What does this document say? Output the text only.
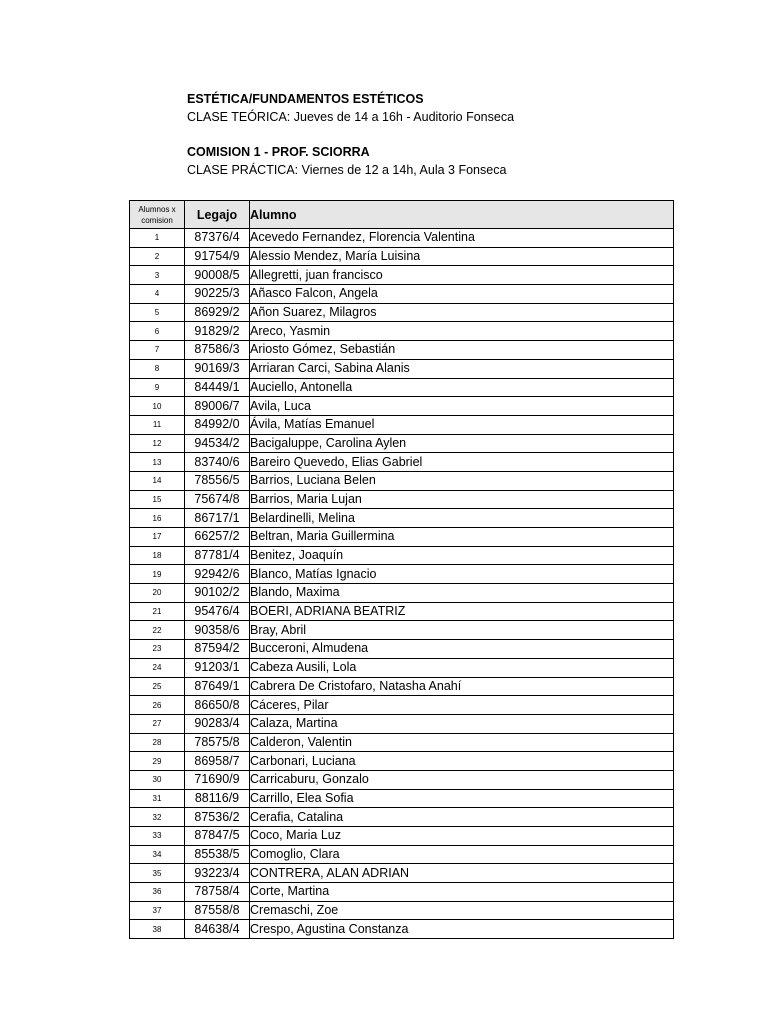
ESTÉTICA/FUNDAMENTOS ESTÉTICOS
CLASE TEÓRICA: Jueves de 14 a 16h - Auditorio Fonseca
COMISION 1 - PROF. SCIORRA
CLASE PRÁCTICA: Viernes de 12 a 14h, Aula 3 Fonseca
Alumnos x comision	Legajo	Alumno
1	87376/4	Acevedo Fernandez, Florencia Valentina
2	91754/9	Alessio Mendez, María Luisina
3	90008/5	Allegretti, juan francisco
4	90225/3	Añasco Falcon, Angela
5	86929/2	Añon Suarez, Milagros
6	91829/2	Areco, Yasmin
7	87586/3	Ariosto Gómez, Sebastián
8	90169/3	Arriaran Carci, Sabina Alanis
9	84449/1	Auciello, Antonella
10	89006/7	Avila, Luca
11	84992/0	Ávila, Matías Emanuel
12	94534/2	Bacigaluppe, Carolina Aylen
13	83740/6	Bareiro Quevedo, Elias Gabriel
14	78556/5	Barrios, Luciana Belen
15	75674/8	Barrios, Maria Lujan
16	86717/1	Belardinelli, Melina
17	66257/2	Beltran, Maria Guillermina
18	87781/4	Benitez, Joaquín
19	92942/6	Blanco, Matías Ignacio
20	90102/2	Blando, Maxima
21	95476/4	BOERI, ADRIANA BEATRIZ
22	90358/6	Bray, Abril
23	87594/2	Bucceroni, Almudena
24	91203/1	Cabeza Ausili, Lola
25	87649/1	Cabrera De Cristofaro, Natasha Anahí
26	86650/8	Cáceres, Pilar
27	90283/4	Calaza, Martina
28	78575/8	Calderon, Valentin
29	86958/7	Carbonari, Luciana
30	71690/9	Carricaburu, Gonzalo
31	88116/9	Carrillo, Elea Sofia
32	87536/2	Cerafia, Catalina
33	87847/5	Coco, Maria Luz
34	85538/5	Comoglio, Clara
35	93223/4	CONTRERA, ALAN ADRIAN
36	78758/4	Corte, Martina
37	87558/8	Cremaschi, Zoe
38	84638/4	Crespo, Agustina Constanza
